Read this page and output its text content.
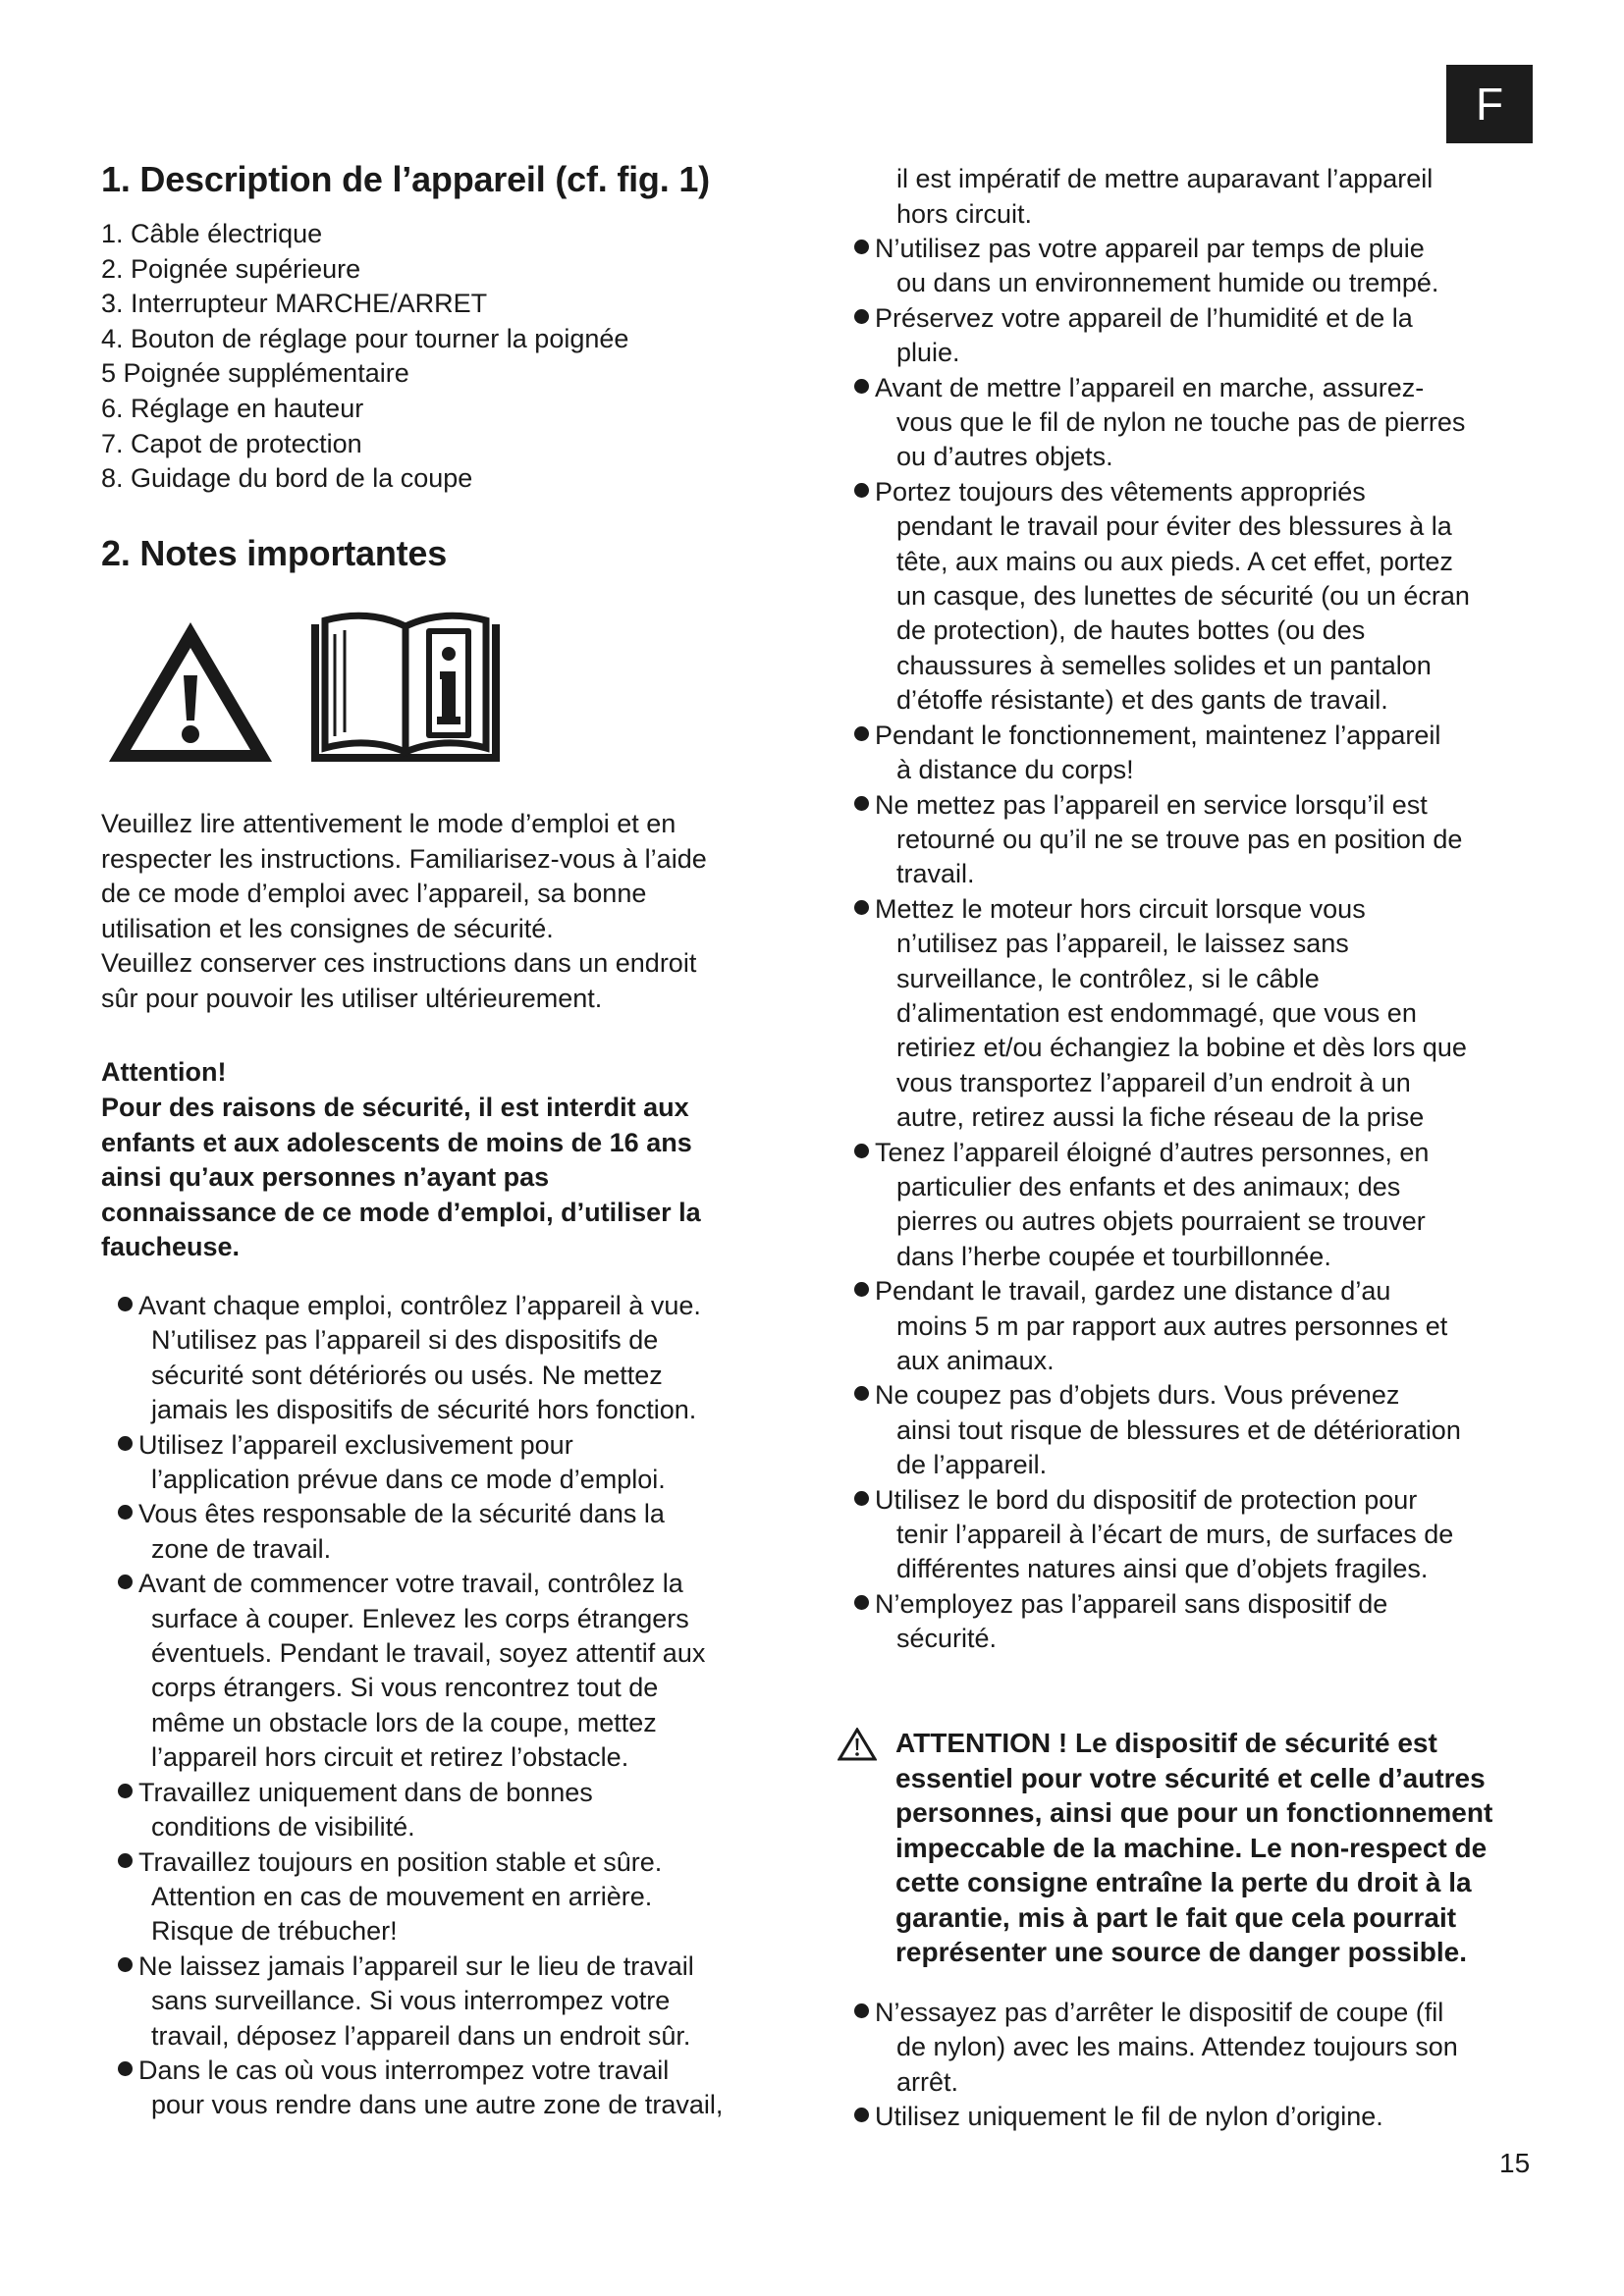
F
1. Description de l’appareil (cf. fig. 1)
1. Câble électrique
2. Poignée supérieure
3. Interrupteur MARCHE/ARRET
4. Bouton de réglage pour tourner la poignée
5 Poignée supplémentaire
6. Réglage en hauteur
7. Capot de protection
8. Guidage du bord de la coupe
2. Notes importantes

Veuillez lire attentivement le mode d’emploi et en
respecter les instructions. Familiarisez-vous à l’aide
de ce mode d’emploi avec l’appareil, sa bonne
utilisation et les consignes de sécurité.
Veuillez conserver ces instructions dans un endroit
sûr pour pouvoir les utiliser ultérieurement.

Attention!

Pour des raisons de sécurité, il est interdit aux
enfants et aux adolescents de moins de 16 ans
ainsi qu’aux personnes n’ayant pas
connaissance de ce mode d’emploi, d’utiliser la
faucheuse.

Avant chaque emploi, contrôlez l’appareil à vue.
N’utilisez pas l’appareil si des dispositifs de
sécurité sont détériorés ou usés. Ne mettez
jamais les dispositifs de sécurité hors fonction.
Utilisez l’appareil exclusivement pour
l’application prévue dans ce mode d’emploi.
Vous êtes responsable de la sécurité dans la
zone de travail.
Avant de commencer votre travail, contrôlez la
surface à couper. Enlevez les corps étrangers
éventuels. Pendant le travail, soyez attentif aux
corps étrangers. Si vous rencontrez tout de
même un obstacle lors de la coupe, mettez
l’appareil hors circuit et retirez l’obstacle.
Travaillez uniquement dans de bonnes
conditions de visibilité.
Travaillez toujours en position stable et sûre.
Attention en cas de mouvement en arrière.
Risque de trébucher!
Ne laissez jamais l’appareil sur le lieu de travail
sans surveillance. Si vous interrompez votre
travail, déposez l’appareil dans un endroit sûr.
Dans le cas où vous interrompez votre travail
pour vous rendre dans une autre zone de travail,

il est impératif de mettre auparavant l’appareil
hors circuit.

N’utilisez pas votre appareil par temps de pluie
ou dans un environnement humide ou trempé.
Préservez votre appareil de l’humidité et de la
pluie.
Avant de mettre l’appareil en marche, assurez-
vous que le fil de nylon ne touche pas de pierres
ou d’autres objets.
Portez toujours des vêtements appropriés
pendant le travail pour éviter des blessures à la
tête, aux mains ou aux pieds. A cet effet, portez
un casque, des lunettes de sécurité (ou un écran
de protection), de hautes bottes (ou des
chaussures à semelles solides et un pantalon
d’étoffe résistante) et des gants de travail.
Pendant le fonctionnement, maintenez l’appareil
à distance du corps!
Ne mettez pas l’appareil en service lorsqu’il est
retourné ou qu’il ne se trouve pas en position de
travail.
Mettez le moteur hors circuit lorsque vous
n’utilisez pas l’appareil, le laissez sans
surveillance, le contrôlez, si le câble
d’alimentation est endommagé, que vous en
retiriez et/ou échangiez la bobine et dès lors que
vous transportez l’appareil d’un endroit à un
autre, retirez aussi la fiche réseau de la prise
Tenez l’appareil éloigné d’autres personnes, en
particulier des enfants et des animaux; des
pierres ou autres objets pourraient se trouver
dans l’herbe coupée et tourbillonnée.
Pendant le travail, gardez une distance d’au
moins 5 m par rapport aux autres personnes et
aux animaux.
Ne coupez pas d’objets durs. Vous prévenez
ainsi tout risque de blessures et de détérioration
de l’appareil.
Utilisez le bord du dispositif de protection pour
tenir l’appareil à l’écart de murs, de surfaces de
différentes natures ainsi que d’objets fragiles.
N’employez pas l’appareil sans dispositif de
sécurité.
ATTENTION ! Le dispositif de sécurité est
essentiel pour votre sécurité et celle d’autres
personnes, ainsi que pour un fonctionnement
impeccable de la machine. Le non-respect de
cette consigne entraîne la perte du droit à la
garantie, mis à part le fait que cela pourrait
représenter une source de danger possible.
N’essayez pas d’arrêter le dispositif de coupe (fil
de nylon) avec les mains. Attendez toujours son
arrêt.
Utilisez uniquement le fil de nylon d’origine.
15
